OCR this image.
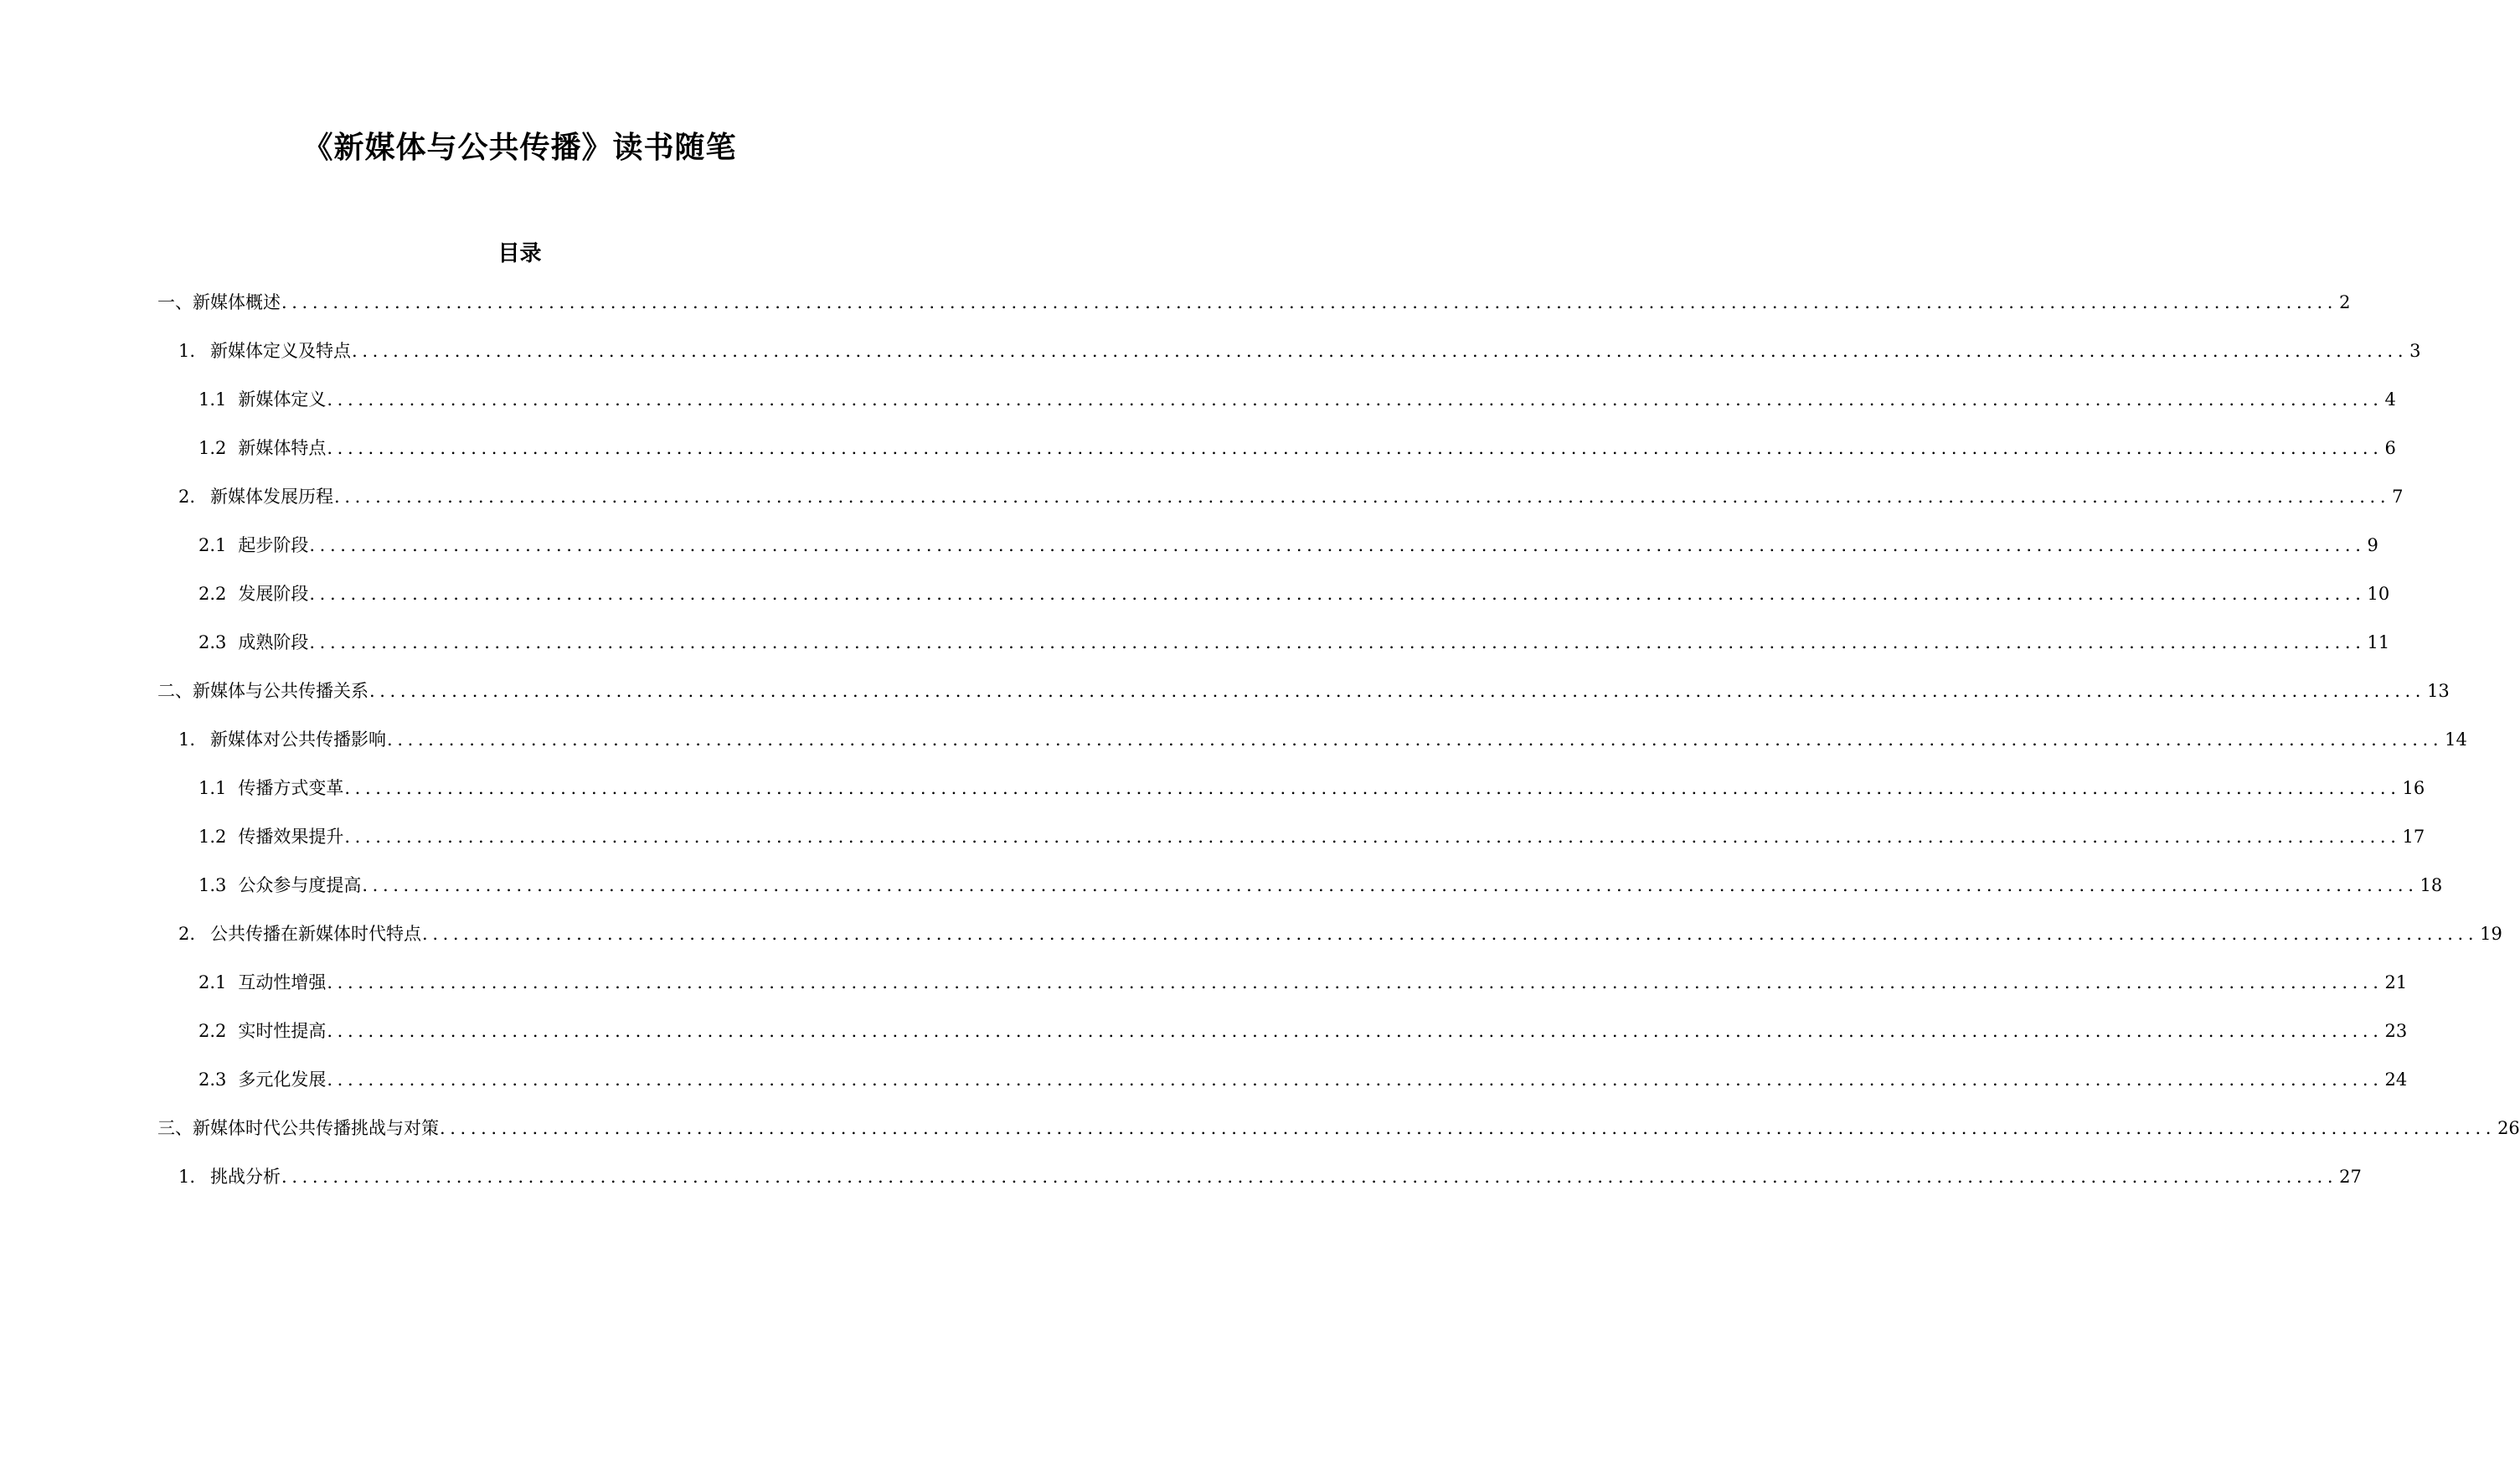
《新媒体与公共传播》读书随笔
目录
一、 新媒体概述 ........................................................................................................................................................................................................ 2
1. 新媒体定义及特点 ........................................................................................................................................................................................................ 3
1.1 新媒体定义 ........................................................................................................................................................................................................ 4
1.2 新媒体特点 ........................................................................................................................................................................................................ 6
2. 新媒体发展历程 ........................................................................................................................................................................................................ 7
2.1 起步阶段 ........................................................................................................................................................................................................ 9
2.2 发展阶段 ........................................................................................................................................................................................................ 10
2.3 成熟阶段 ........................................................................................................................................................................................................ 11
二、 新媒体与公共传播关系 ........................................................................................................................................................................................................ 13
1. 新媒体对公共传播影响 ........................................................................................................................................................................................................ 14
1.1 传播方式变革 ........................................................................................................................................................................................................ 16
1.2 传播效果提升 ........................................................................................................................................................................................................ 17
1.3 公众参与度提高 ........................................................................................................................................................................................................ 18
2. 公共传播在新媒体时代特点 ........................................................................................................................................................................................................ 19
2.1 互动性增强 ........................................................................................................................................................................................................ 21
2.2 实时性提高 ........................................................................................................................................................................................................ 23
2.3 多元化发展 ........................................................................................................................................................................................................ 24
三、 新媒体时代公共传播挑战与对策 ........................................................................................................................................................................................................ 26
1. 挑战分析 ........................................................................................................................................................................................................ 27
